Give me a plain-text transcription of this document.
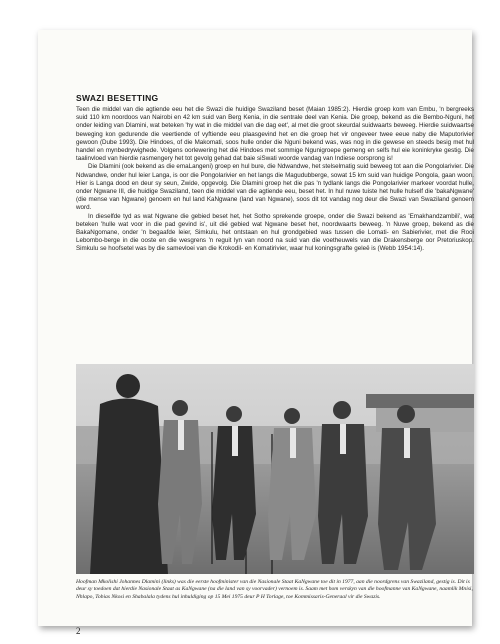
SWAZI BESETTING

Teen die middel van die agtiende eeu het die Swazi die huidige Swaziland beset (Maian 1985:2). Hierdie groep kom van Embu, 'n bergreeks suid 110 km noordoos van Nairobi en 42 km suid van Berg Kenia, in die sentrale deel van Kenia. Die groep, bekend as die Bembo-Nguni, het onder leiding van Dlamini, wat beteken 'hy wat in die middel van die dag eet', al met die groot skeurdal suidwaarts beweeg. Hierdie suidwaartse beweging kon gedurende die veertiende of vyftiende eeu plaasgevind het en die groep het vir ongeveer twee eeue naby die Maputorivier gewoon (Dube 1993). Die Hindoes, of die Makomati, soos hulle onder die Nguni bekend was, was nog in die gewese en steeds besig met hul handel en mynbedrywighede. Volgens oorlewering het dié Hindoes met sommige Ngunigroepe gemeng en selfs hul eie koninkryke gestig. Die taalinvloed van hierdie rasmengery het tot gevolg gehad dat baie siSwati woorde vandag van Indiese oorsprong is!

Die Dlamini (ook bekend as die emaLangeni) groep en hul bure, die Ndwandwe, het stelselmatig suid beweeg tot aan die Pongolarivier. Die Ndwandwe, onder hul leier Langa, is oor die Pongolarivier en het langs die Magudubberge, sowat 15 km suid van huidige Pongola, gaan woon. Hier is Langa dood en deur sy seun, Zwide, opgevolg. Die Dlamini groep het die pas 'n tydlank langs die Pongolarivier markeer voordat hulle, onder Ngwane III, die huidige Swaziland, teen die middel van die agtiende eeu, beset het. In hul nuwe tuiste het hulle hulself die 'bakaNgwane' (die mense van Ngwane) genoem en hul land KaNgwane (land van Ngwane), soos dit tot vandag nog deur die Swazi van Swaziland genoem word.

In dieselfde tyd as wat Ngwane die gebied beset het, het Sotho sprekende groepe, onder die Swazi bekend as 'Emakhandzambili', wat beteken 'hulle wat voor in die pad gevind is', uit dié gebied wat Ngwane beset het, noordwaarts beweeg. 'n Nuwe groep, bekend as die BakaNgomane, onder 'n begaafde leier, Simkulu, het ontstaan en hul grondgebied was tussen die Lomati- en Sabierivier, met die Rooi Lebombo-berge in die ooste en die wesgrens 'n reguit lyn van noord na suid van die voetheuwels van die Drakensberge oor Pretoriuskop. Simkulu se hoofsetel was by die samevloei van die Krokodil- en Komatirivier, waar hul koningsgrafte geleë is (Webb 1954:14).

Hoofman Mkolishi Johannes Dlamini (links) was die eerste hoofminister van die Nasionale Staat KaNgwane toe dit in 1977, aan die noordgrens van Swaziland, gestig is. Dit is deur sy toedoen dat hierdie Nasionale Staat as KaNgwane (na die land van sy voorvader) vernoem is. Saam met hom verskyn van die hoofmanne van KaNgwane, naamlik Mnisi, Nhlapo, Tobias Nkosi en Shabalala tydens hul inhuldiging op 15 Mei 1975 deur P H Torlage, toe Kommissaris-Generaal vir die Swazis.
2
